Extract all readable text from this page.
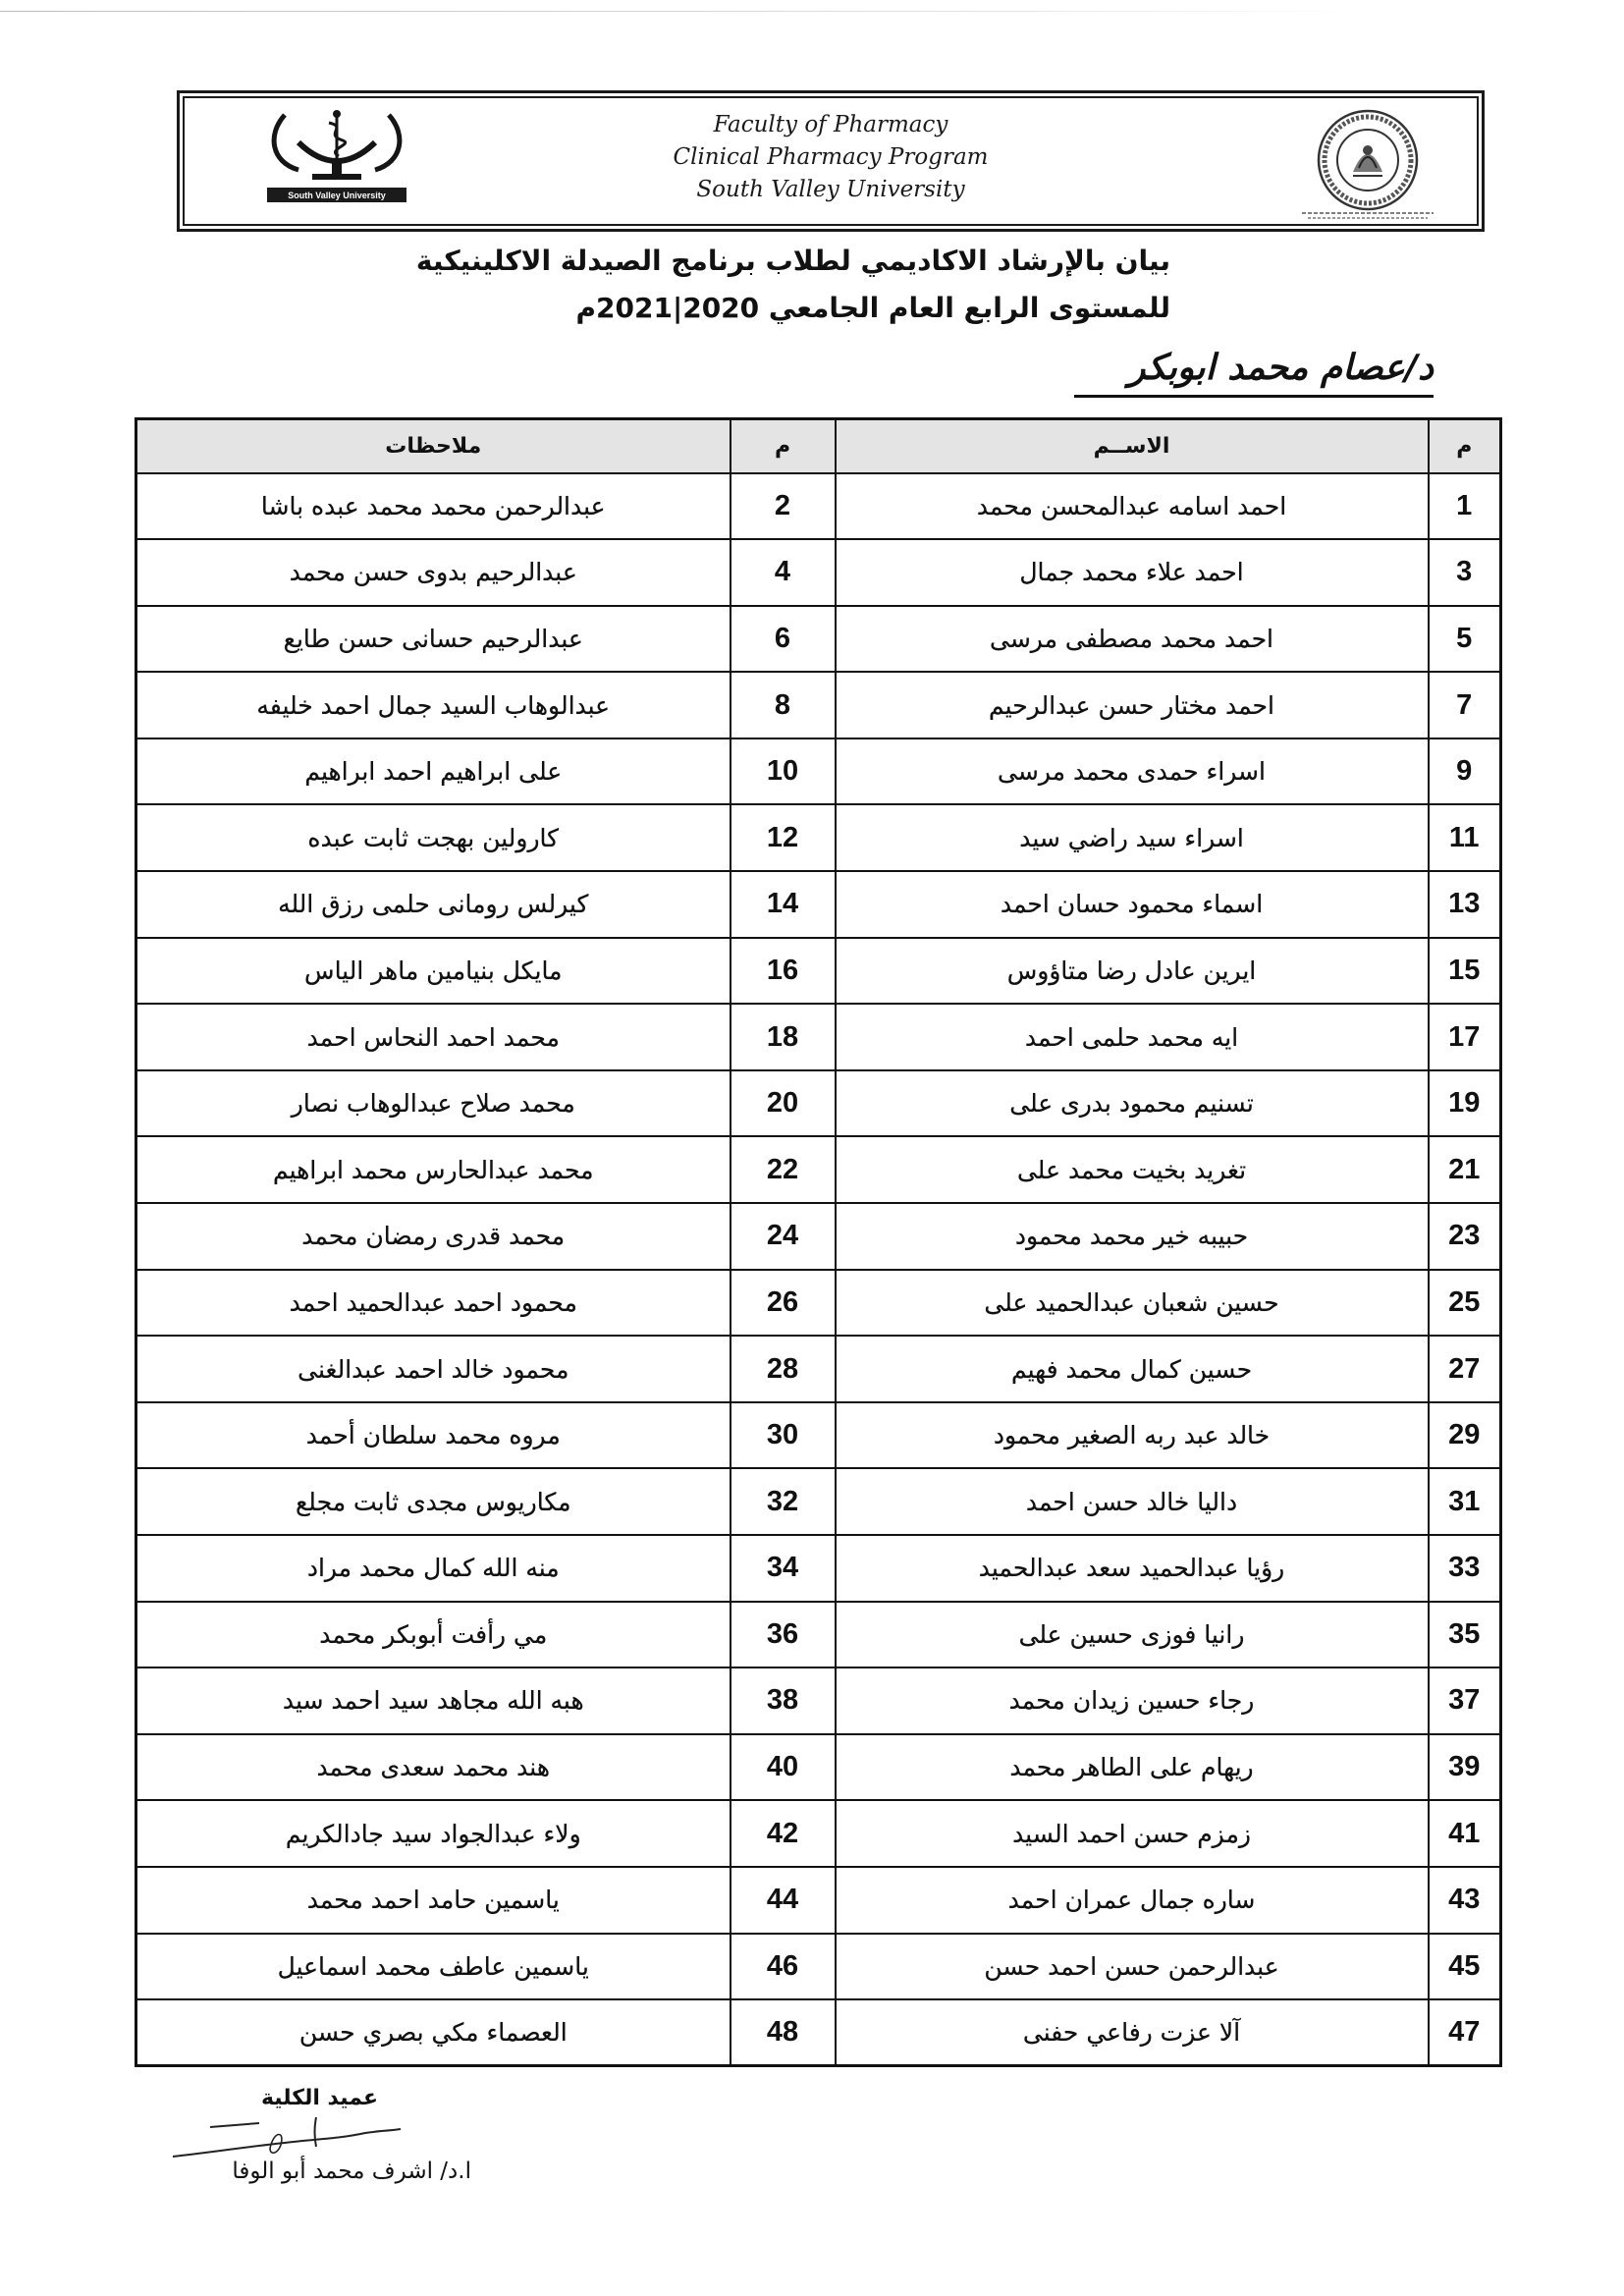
South Valley University
Faculty of Pharmacy
Clinical Pharmacy Program
South Valley University
بيان بالإرشاد الاكاديمي لطلاب برنامج الصيدلة الاكلينيكية
للمستوى الرابع العام الجامعي 2020|2021م
د/عصام محمد ابوبكر
م	الاســم	م	ملاحظات
1	احمد اسامه عبدالمحسن محمد	2	عبدالرحمن محمد محمد عبده باشا
3	احمد علاء محمد جمال	4	عبدالرحيم بدوى حسن محمد
5	احمد محمد مصطفى مرسى	6	عبدالرحيم حسانى حسن طايع
7	احمد مختار حسن عبدالرحيم	8	عبدالوهاب السيد جمال احمد خليفه
9	اسراء حمدى محمد مرسى	10	على ابراهيم احمد ابراهيم
11	اسراء سيد راضي سيد	12	كارولين بهجت ثابت عبده
13	اسماء محمود حسان احمد	14	كيرلس رومانى حلمى رزق الله
15	ايرين عادل رضا متاؤوس	16	مايكل بنيامين ماهر الياس
17	ايه محمد حلمى احمد	18	محمد احمد النحاس احمد
19	تسنيم محمود بدرى على	20	محمد صلاح عبدالوهاب نصار
21	تغريد بخيت محمد على	22	محمد عبدالحارس محمد ابراهيم
23	حبيبه خير محمد محمود	24	محمد قدرى رمضان محمد
25	حسين شعبان عبدالحميد على	26	محمود احمد عبدالحميد احمد
27	حسين كمال محمد فهيم	28	محمود خالد احمد عبدالغنى
29	خالد عبد ربه الصغير محمود	30	مروه محمد سلطان أحمد
31	داليا خالد حسن احمد	32	مكاريوس مجدى ثابت مجلع
33	رؤيا عبدالحميد سعد عبدالحميد	34	منه الله كمال محمد مراد
35	رانيا فوزى حسين على	36	مي رأفت أبوبكر محمد
37	رجاء حسين زيدان محمد	38	هبه الله مجاهد سيد احمد سيد
39	ريهام على الطاهر محمد	40	هند محمد سعدى محمد
41	زمزم حسن احمد السيد	42	ولاء عبدالجواد سيد جادالكريم
43	ساره جمال عمران احمد	44	ياسمين حامد احمد محمد
45	عبدالرحمن حسن احمد حسن	46	ياسمين عاطف محمد اسماعيل
47	آلا عزت رفاعي حفنى	48	العصماء مكي بصري حسن
عميد الكلية
ا.د/ اشرف محمد أبو الوفا
